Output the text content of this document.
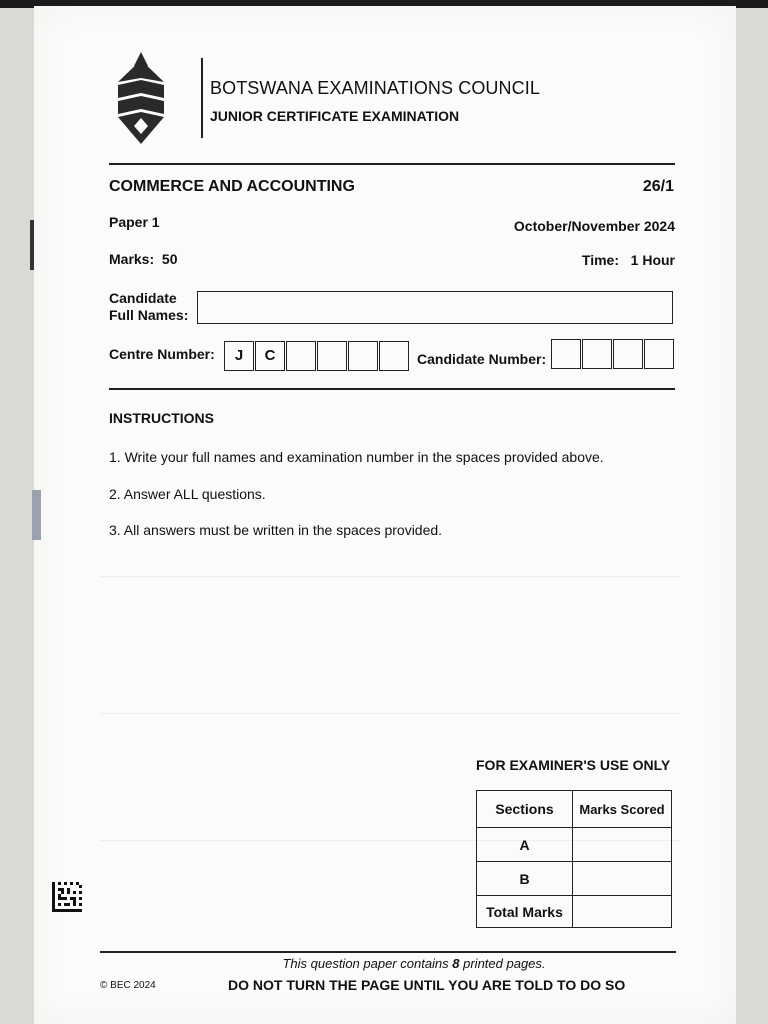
BOTSWANA EXAMINATIONS COUNCIL
JUNIOR CERTIFICATE EXAMINATION
COMMERCE AND ACCOUNTING	26/1
Paper 1	October/November 2024
Marks: 50	Time: 1 Hour
Candidate
Full Names:
Centre Number:	J	C	Candidate Number:
INSTRUCTIONS
1. Write your full names and examination number in the spaces provided above.
2. Answer ALL questions.
3. All answers must be written in the spaces provided.
FOR EXAMINER'S USE ONLY
Sections	Marks Scored
A	
B	
Total Marks	
This question paper contains 8 printed pages.
© BEC 2024	DO NOT TURN THE PAGE UNTIL YOU ARE TOLD TO DO SO
